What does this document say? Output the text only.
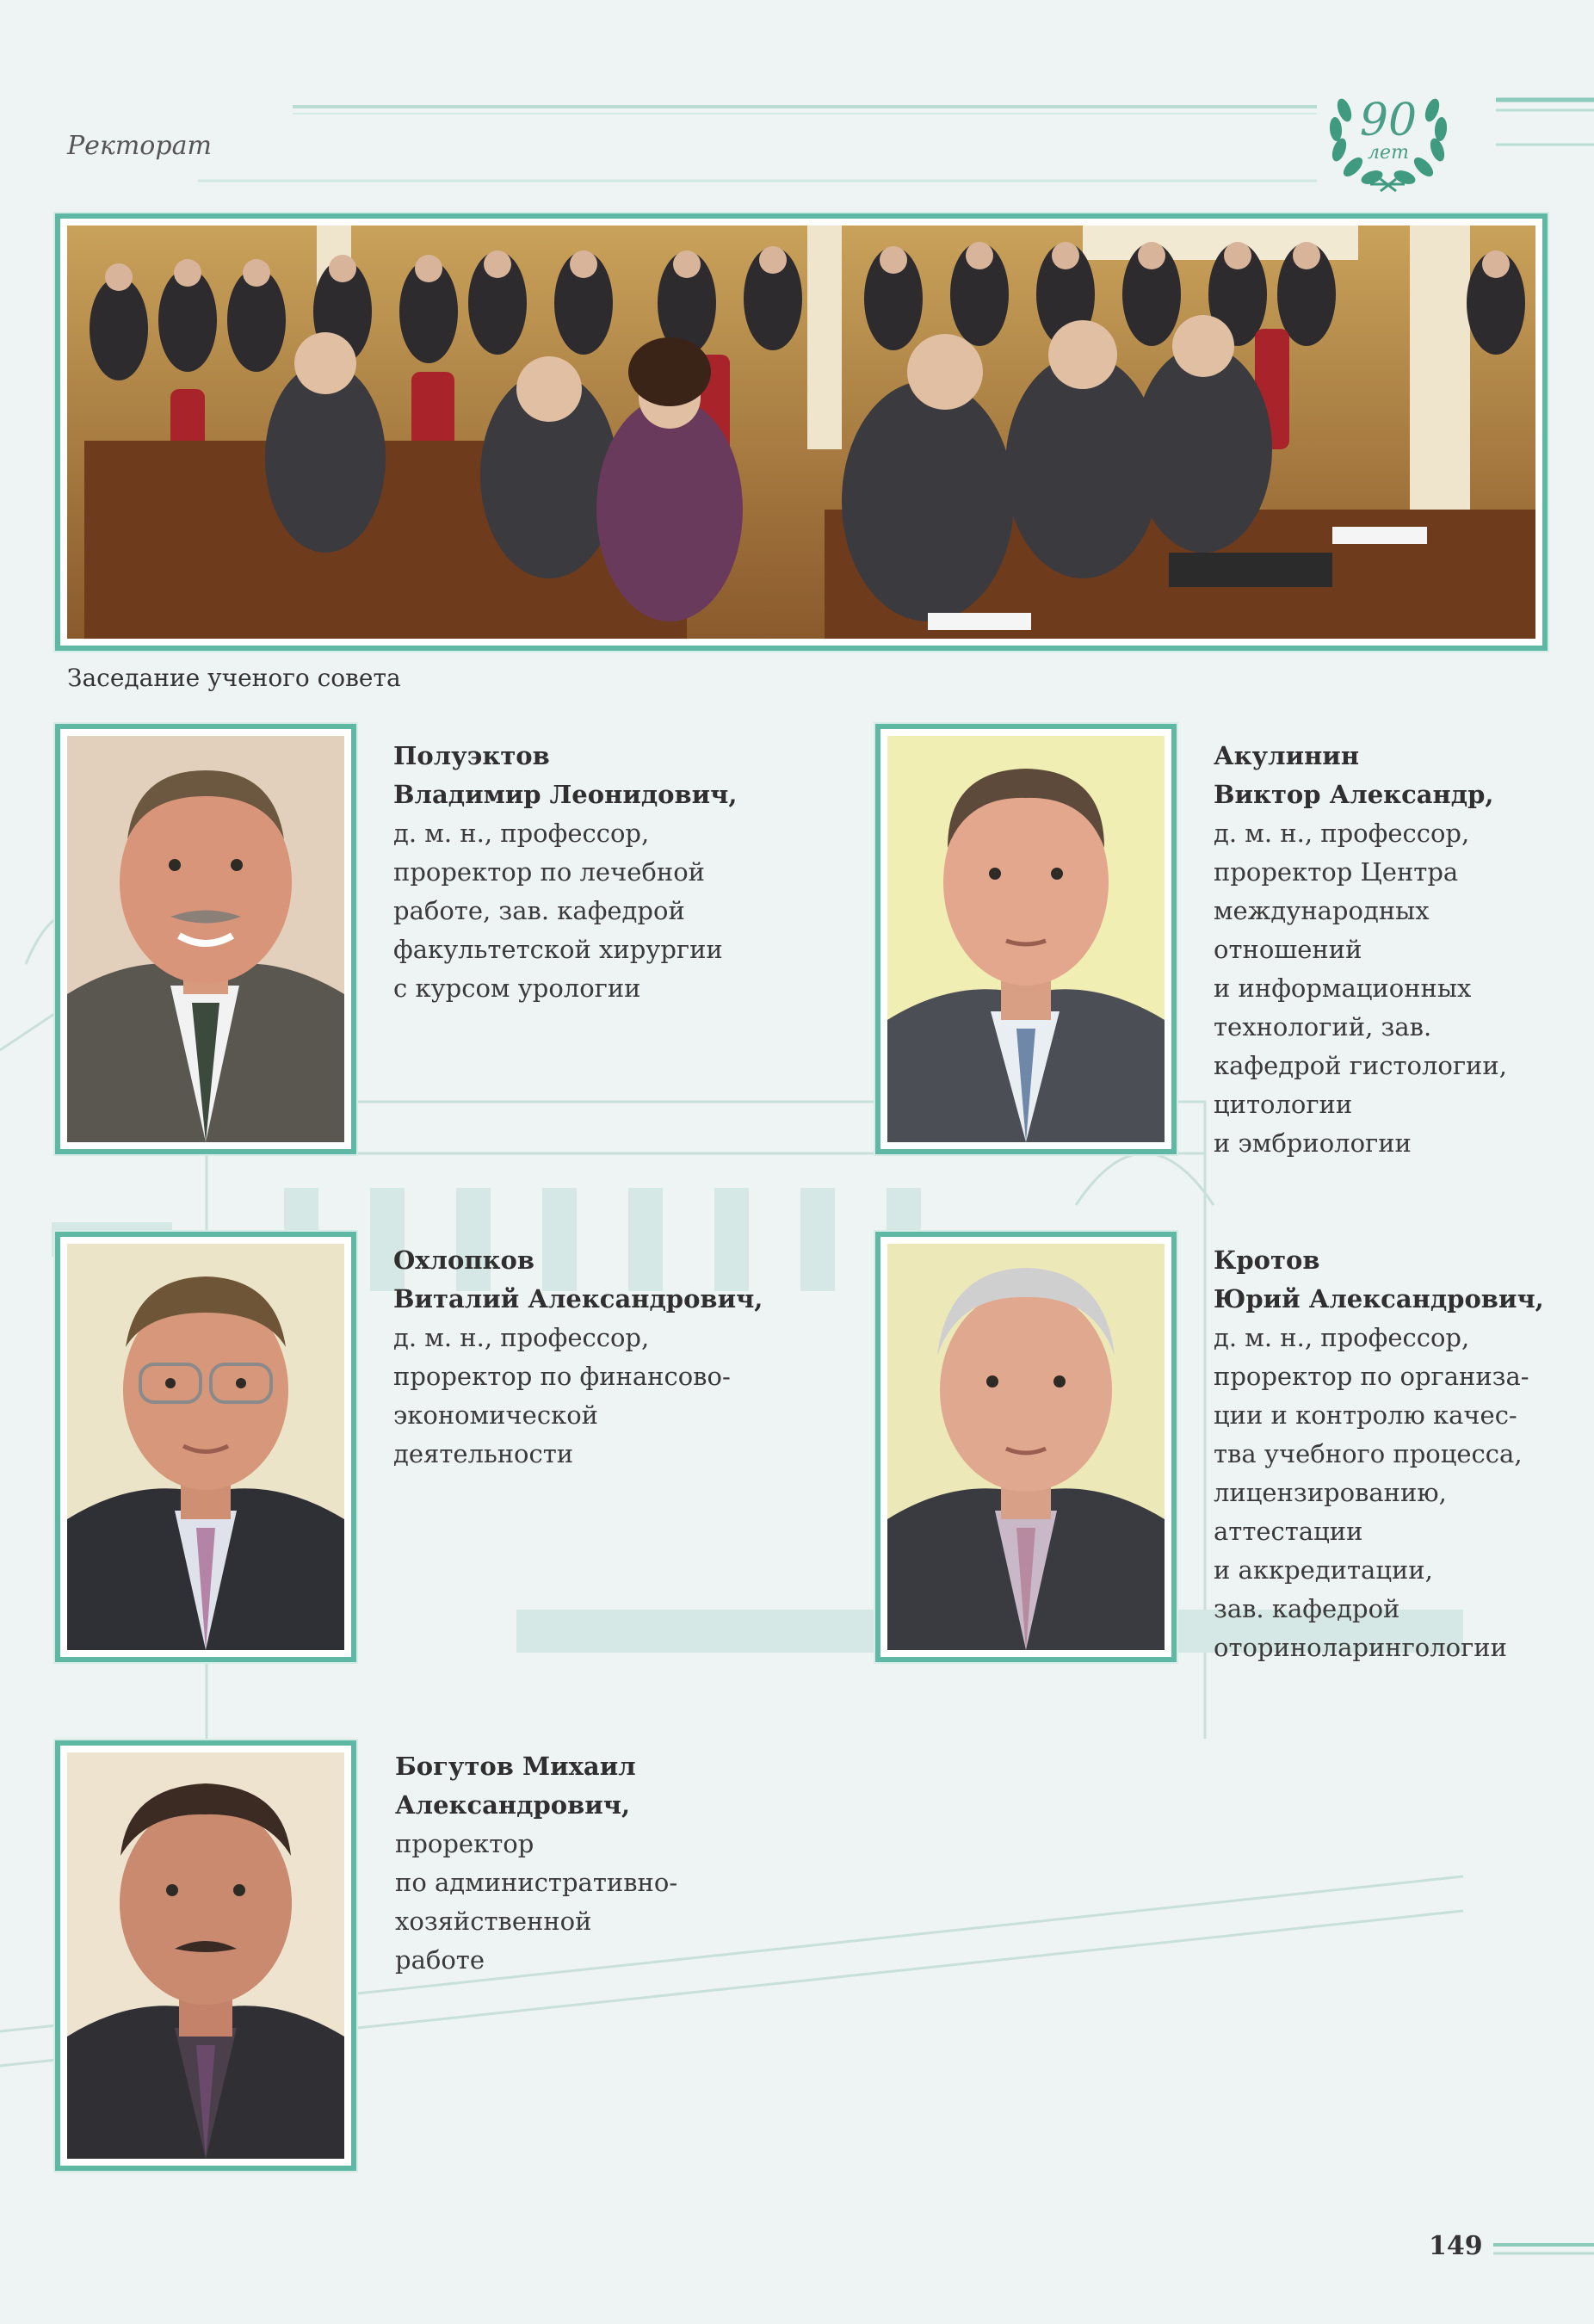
Ректорат	90
лет
Заседание ученого совета
Полуэктов
Владимир Леонидович,
д. м. н., профессор,
проректор по лечебной
работе, зав. кафедрой
факультетской хирургии
с курсом урологии
Акулинин
Виктор Александр,
д. м. н., профессор,
проректор Центра
международных
отношений
и информационных
технологий, зав.
кафедрой гистологии,
цитологии
и эмбриологии
Охлопков
Виталий Александрович,
д. м. н., профессор,
проректор по финансово-
экономической
деятельности
Кротов
Юрий Александрович,
д. м. н., профессор,
проректор по организа-
ции и контролю качес-
тва учебного процесса,
лицензированию,
аттестации
и аккредитации,
зав. кафедрой
оториноларингологии
Богутов Михаил
Александрович,
проректор
по административно-
хозяйственной
работе
149
